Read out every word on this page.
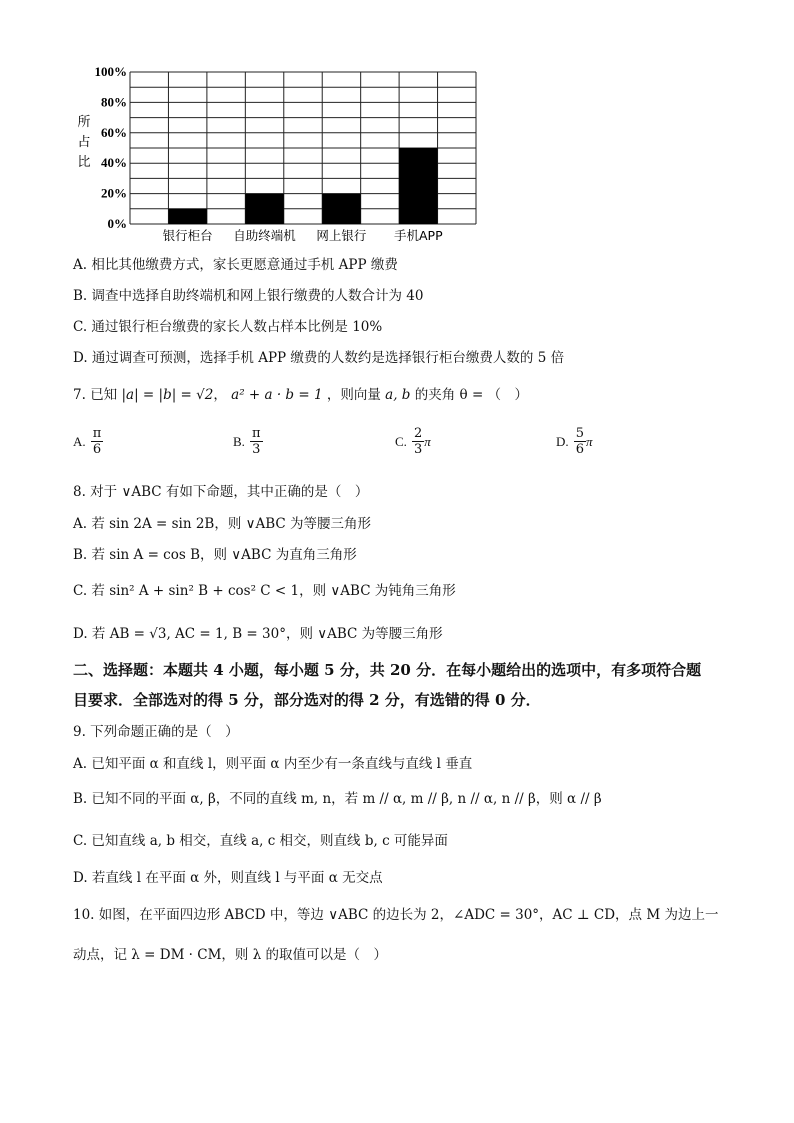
0%
20%
40%
60%
80%
100%
银行柜台 自助终端机 网上银行 手机APP
所
占
比
A. 相比其他缴费方式，家长更愿意通过手机 APP 缴费
B. 调查中选择自助终端机和网上银行缴费的人数合计为 40
C. 通过银行柜台缴费的家长人数占样本比例是 10%
D. 通过调查可预测，选择手机 APP 缴费的人数约是选择银行柜台缴费人数的 5 倍
7. 已知 |a| = |b| = √2， a² + a · b = 1 ，则向量 a, b 的夹角 θ = （　）
A. $\frac{\pi}{6}$	B. $\frac{\pi}{3}$	C. $\frac{2}{3}$ π	D. $\frac{5}{6}$ π
8. 对于 ∨ABC 有如下命题，其中正确的是（　）
A. 若 sin 2A = sin 2B，则 ∨ABC 为等腰三角形
B. 若 sin A = cos B，则 ∨ABC 为直角三角形
C. 若 sin² A + sin² B + cos² C < 1，则 ∨ABC 为钝角三角形
D. 若 AB = √3, AC = 1, B = 30°，则 ∨ABC 为等腰三角形
二、选择题：本题共 4 小题，每小题 5 分，共 20 分．在每小题给出的选项中，有多项符合题
目要求．全部选对的得 5 分，部分选对的得 2 分，有选错的得 0 分．
9. 下列命题正确的是（　）
A. 已知平面 α 和直线 l，则平面 α 内至少有一条直线与直线 l 垂直
B. 已知不同的平面 α, β，不同的直线 m, n，若 m // α, m // β, n // α, n // β，则 α // β
C. 已知直线 a, b 相交，直线 a, c 相交，则直线 b, c 可能异面
D. 若直线 l 在平面 α 外，则直线 l 与平面 α 无交点
10. 如图，在平面四边形 ABCD 中，等边 ∨ABC 的边长为 2，∠ADC = 30°，AC ⊥ CD，点 M 为边上一
动点，记 λ = DM · CM，则 λ 的取值可以是（　）
